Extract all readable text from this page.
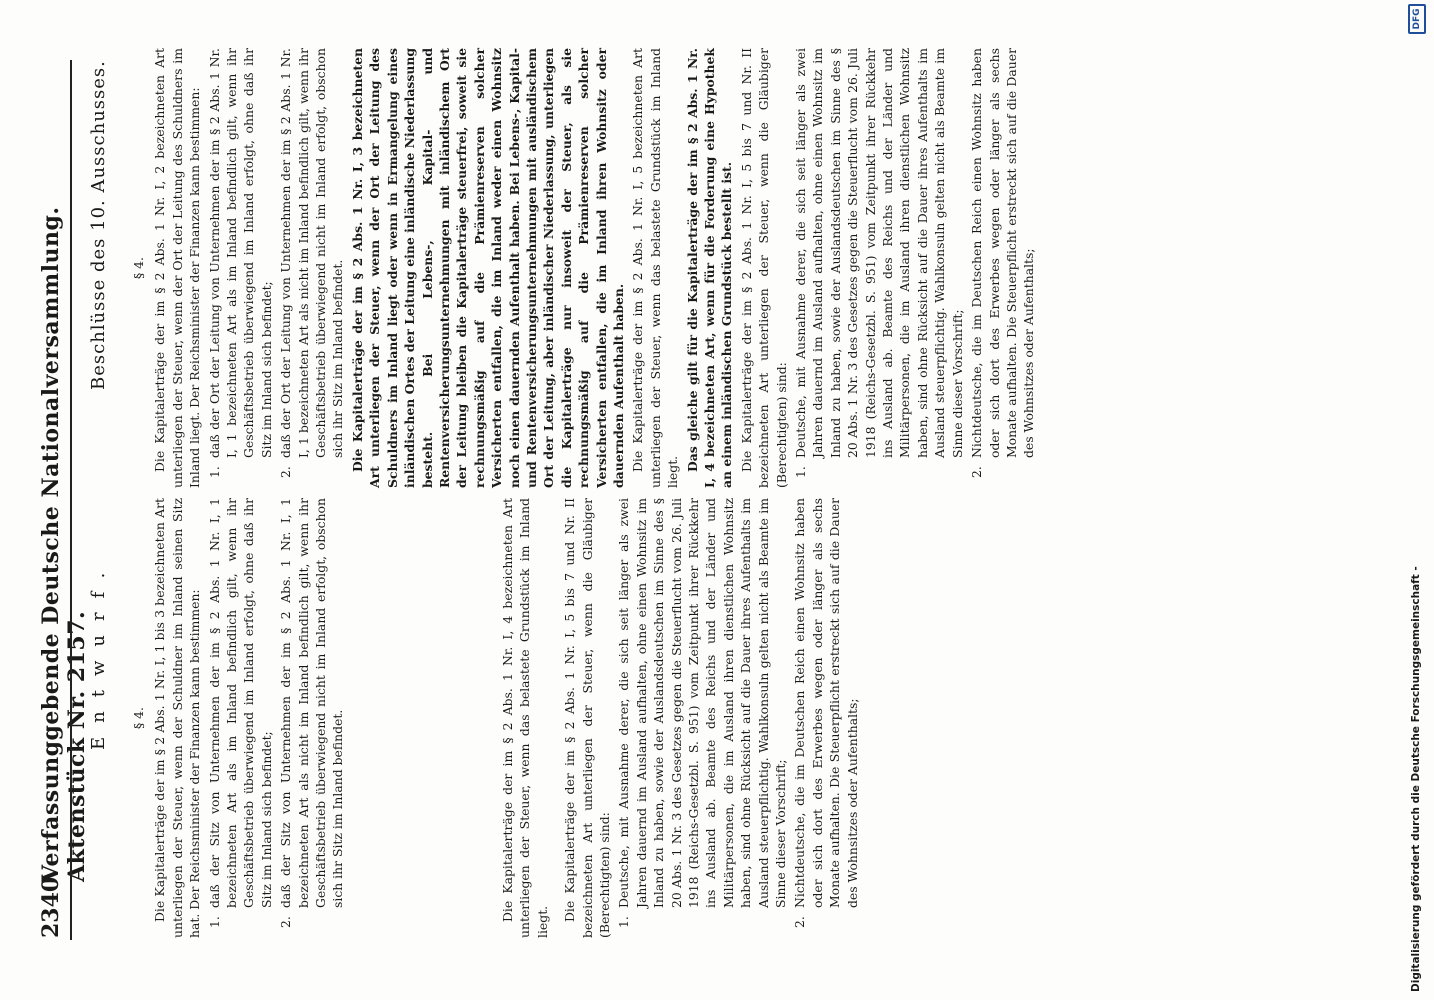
2340
Verfassunggebende Deutsche Nationalversammlung. Aktenstück Nr. 2157.
Entwurf.
Beschlüsse des 10. Ausschusses.

§ 4. Die Kapitalerträge der im § 2 Abs. 1 Nr. I, 1 bis 3 bezeichneten Art unterliegen der Steuer, wenn der Schuldner im Inland seinen Sitz hat. Der Reichsminister der Finanzen kann bestimmen: 1.
daß der Sitz von Unternehmen der im § 2 Abs. 1 Nr. I, 1 bezeichneten Art als im Inland befindlich gilt, wenn ihr Geschäftsbetrieb überwiegend im Inland erfolgt, ohne daß ihr Sitz im Inland sich befindet;
2.
daß der Sitz von Unternehmen der im § 2 Abs. 1 Nr. I, 1 bezeichneten Art als nicht im Inland befindlich gilt, wenn ihr Geschäftsbetrieb überwiegend nicht im Inland erfolgt, obschon sich ihr Sitz im Inland befindet.	Die Kapitalerträge der im § 2 Abs. 1 Nr. I, 4 bezeichneten Art unterliegen der Steuer, wenn das belastete Grundstück im Inland liegt. Die Kapitalerträge der im § 2 Abs. 1 Nr. I, 5 bis 7 und Nr. II bezeichneten Art unterliegen der Steuer, wenn die Gläubiger (Berechtigten) sind: 1.
Deutsche, mit Ausnahme derer, die sich seit länger als zwei Jahren dauernd im Ausland aufhalten, ohne einen Wohnsitz im Inland zu haben, sowie der Auslandsdeutschen im Sinne des § 20 Abs. 1 Nr. 3 des Gesetzes gegen die Steuerflucht vom 26. Juli 1918 (Reichs-Gesetzbl. S. 951) vom Zeitpunkt ihrer Rückkehr ins Ausland ab. Beamte des Reichs und der Länder und Militärpersonen, die im Ausland ihren dienstlichen Wohnsitz haben, sind ohne Rücksicht auf die Dauer ihres Aufenthalts im Ausland steuerpflichtig. Wahlkonsuln gelten nicht als Beamte im Sinne dieser Vorschrift;
2.
Nichtdeutsche, die im Deutschen Reich einen Wohnsitz haben oder sich dort des Erwerbes wegen oder länger als sechs Monate aufhalten. Die Steuerpflicht erstreckt sich auf die Dauer des Wohnsitzes oder Aufenthalts;

§ 4. Die Kapitalerträge der im § 2 Abs. 1 Nr. I, 2 bezeichneten Art unterliegen der Steuer, wenn der Ort der Leitung des Schuldners im Inland liegt. Der Reichsminister der Finanzen kann bestimmen: 1.
daß der Ort der Leitung von Unternehmen der im § 2 Abs. 1 Nr. I, 1 bezeichneten Art als im Inland befindlich gilt, wenn ihr Geschäftsbetrieb überwiegend im Inland erfolgt, ohne daß ihr Sitz im Inland sich befindet;
2.
daß der Ort der Leitung von Unternehmen der im § 2 Abs. 1 Nr. I, 1 bezeichneten Art als nicht im Inland befindlich gilt, wenn ihr Geschäftsbetrieb überwiegend nicht im Inland erfolgt, obschon sich ihr Sitz im Inland befindet. Die Kapitalerträge der im § 2 Abs. 1 Nr. I, 3 bezeichneten Art unterliegen der Steuer, wenn der Ort der Leitung des Schuldners im Inland liegt oder wenn in Ermangelung eines inländischen Ortes der Leitung eine inländische Niederlassung besteht. Bei Lebens-, Kapital- und Rentenversicherungsunternehmungen mit inländischem Ort der Leitung bleiben die Kapitalerträge steuerfrei, soweit sie rechnungsmäßig auf die Prämienreserven solcher Versicherten entfallen, die im Inland weder einen Wohnsitz noch einen dauernden Aufenthalt haben. Bei Lebens-, Kapital- und Rentenversicherungsunternehmungen mit ausländischem Ort der Leitung, aber inländischer Niederlassung, unterliegen die Kapitalerträge nur insoweit der Steuer, als sie rechnungsmäßig auf die Prämienreserven solcher Versicherten entfallen, die im Inland ihren Wohnsitz oder dauernden Aufenthalt haben. Die Kapitalerträge der im § 2 Abs. 1 Nr. I, 5 bezeichneten Art unterliegen der Steuer, wenn das belastete Grundstück im Inland liegt. Das gleiche gilt für die Kapitalerträge der im § 2 Abs. 1 Nr. I, 4 bezeichneten Art, wenn für die Forderung eine Hypothek an einem inländischen Grundstück bestellt ist. Die Kapitalerträge der im § 2 Abs. 1 Nr. I, 5 bis 7 und Nr. II bezeichneten Art unterliegen der Steuer, wenn die Gläubiger (Berechtigten) sind: 1.
Deutsche, mit Ausnahme derer, die sich seit länger als zwei Jahren dauernd im Ausland aufhalten, ohne einen Wohnsitz im Inland zu haben, sowie der Auslandsdeutschen im Sinne des § 20 Abs. 1 Nr. 3 des Gesetzes gegen die Steuerflucht vom 26. Juli 1918 (Reichs-Gesetzbl. S. 951) vom Zeitpunkt ihrer Rückkehr ins Ausland ab. Beamte des Reichs und der Länder und Militärpersonen, die im Ausland ihren dienstlichen Wohnsitz haben, sind ohne Rücksicht auf die Dauer ihres Aufenthalts im Ausland steuerpflichtig. Wahlkonsuln gelten nicht als Beamte im Sinne dieser Vorschrift;
2.
Nichtdeutsche, die im Deutschen Reich einen Wohnsitz haben oder sich dort des Erwerbes wegen oder länger als sechs Monate aufhalten. Die Steuerpflicht erstreckt sich auf die Dauer des Wohnsitzes oder Aufenthalts;
Digitalisierung gefördert durch die Deutsche Forschungsgemeinschaft -
DFG
